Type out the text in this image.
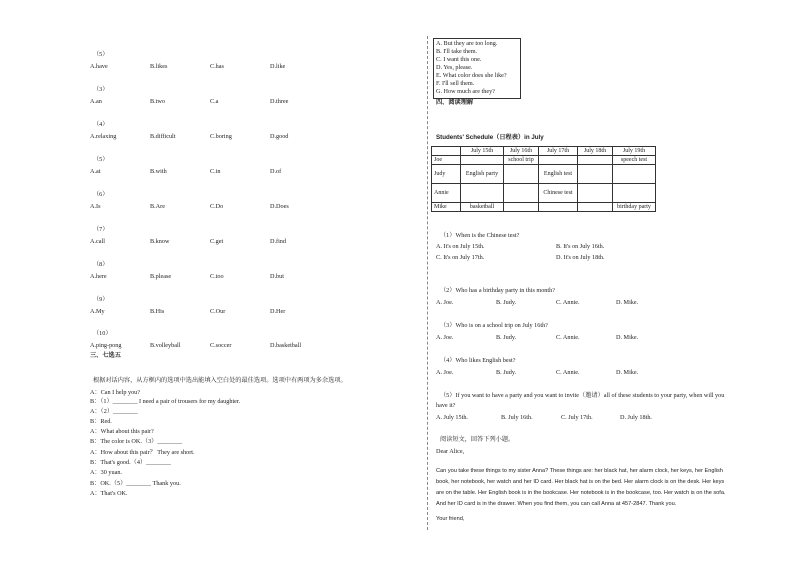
（5）
A.have	B.likes	C.has	D.like
（3）
A.an	B.two	C.a	D.three
（4）
A.relaxing	B.difficult	C.boring	D.good
（5）
A.at	B.with	C.in	D.of
（6）
A.Is	B.Are	C.Do	D.Does
（7）
A.call	B.know	C.get	D.find
（8）
A.here	B.please	C.too	D.but
（9）
A.My	B.His	C.Our	D.Her
（10）
A.ping-pong	B.volleyball	C.soccer	D.basketball
三、七选五
根据对话内容，从方框内的选项中选出能填入空白处的最佳选项。选项中有两项为多余选项。
A：Can I help you?
B：（1）________ I need a pair of trousers for my daughter.
A：（2）________
B：Red.
A：What about this pair?
B：The color is OK.（3）________
A：How about this pair？ They are short.
B：That's good.（4）________
A：30 yuan.
B：OK.（5）________ Thank you.
A：That's OK.
A. But they are too long.
B. I'll take them.
C. I want this one.
D. Yes, please.
E. What color does she like?
F. I'll sell them.
G. How much are they?
四、阅读理解
Students' Schedule（日程表）in July
	July 15th	July 16th	July 17th	July 18th	July 19th
Joe		school trip			speech test
Judy	English party		English test		
Annie			Chinese test		
Mike	basketball				birthday party
（1）When is the Chinese test?
A. It's on July 15th.	B. It's on July 16th.
C. It's on July 17th.	D. It's on July 18th.
（2）Who has a birthday party in this month?
A. Joe.	B. Judy.	C. Annie.	D. Mike.
（3）Who is on a school trip on July 16th?
A. Joe.	B. Judy.	C. Annie.	D. Mike.
（4）Who likes English best?
A. Joe.	B. Judy.	C. Annie.	D. Mike.
（5）If you want to have a party and you want to invite（邀请）all of these students to your party, when will you
have it?
A. July 15th.	B. July 16th.	C. July 17th.	D. July 18th.
阅读短文，回答下列小题。
Dear Alice,
Can you take these things to my sister Anna? These things are: her black hat, her alarm clock, her keys, her English
book, her notebook, her watch and her ID card. Her black hat is on the bed. Her alarm clock is on the desk. Her keys
are on the table. Her English book is in the bookcase. Her notebook is in the bookcase, too. Her watch is on the sofa.
And her ID card is in the drawer. When you find them, you can call Anna at 457-2847. Thank you.
Your friend,
